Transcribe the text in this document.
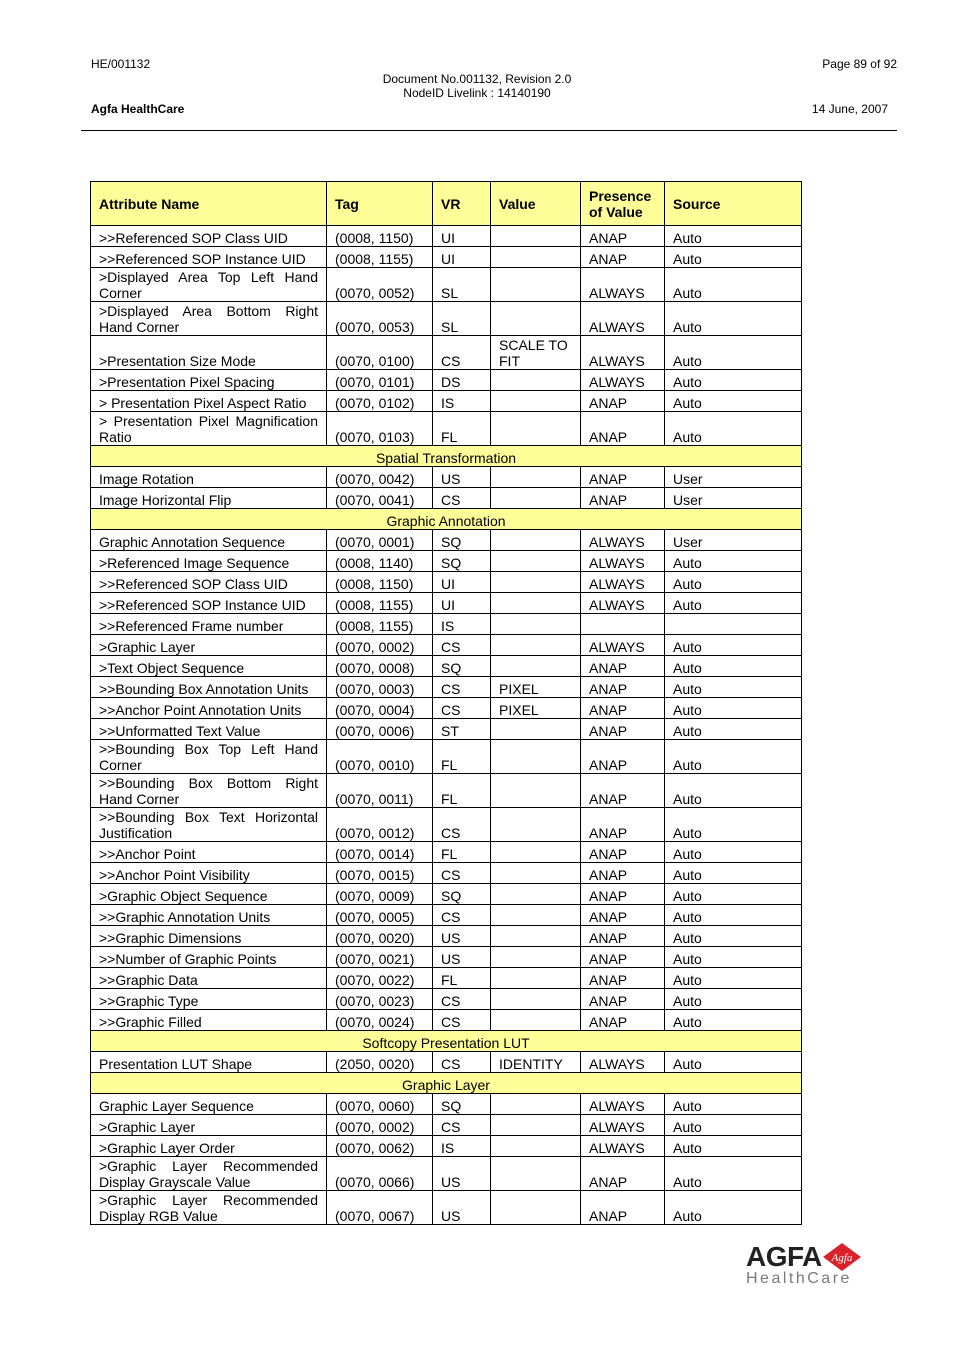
HE/001132	Page 89 of 92
Document No.001132, Revision 2.0
NodeID Livelink : 14140190
Agfa HealthCare	14 June, 2007
Attribute Name	Tag	VR	Value	Presence of Value	Source
>>Referenced SOP Class UID	(0008, 1150)	UI		ANAP	Auto
>>Referenced SOP Instance UID	(0008, 1155)	UI		ANAP	Auto
>Displayed Area Top Left Hand Corner	(0070, 0052)	SL		ALWAYS	Auto
>Displayed Area Bottom Right Hand Corner	(0070, 0053)	SL		ALWAYS	Auto
>Presentation Size Mode	(0070, 0100)	CS	SCALE TO FIT	ALWAYS	Auto
>Presentation Pixel Spacing	(0070, 0101)	DS		ALWAYS	Auto
> Presentation Pixel Aspect Ratio	(0070, 0102)	IS		ANAP	Auto
> Presentation Pixel Magnification Ratio	(0070, 0103)	FL		ANAP	Auto
Spatial Transformation					
Image Rotation	(0070, 0042)	US		ANAP	User
Image Horizontal Flip	(0070, 0041)	CS		ANAP	User
Graphic Annotation					
Graphic Annotation Sequence	(0070, 0001)	SQ		ALWAYS	User
>Referenced Image Sequence	(0008, 1140)	SQ		ALWAYS	Auto
>>Referenced SOP Class UID	(0008, 1150)	UI		ALWAYS	Auto
>>Referenced SOP Instance UID	(0008, 1155)	UI		ALWAYS	Auto
>>Referenced Frame number	(0008, 1155)	IS			
>Graphic Layer	(0070, 0002)	CS		ALWAYS	Auto
>Text Object Sequence	(0070, 0008)	SQ		ANAP	Auto
>>Bounding Box Annotation Units	(0070, 0003)	CS	PIXEL	ANAP	Auto
>>Anchor Point Annotation Units	(0070, 0004)	CS	PIXEL	ANAP	Auto
>>Unformatted Text Value	(0070, 0006)	ST		ANAP	Auto
>>Bounding Box Top Left Hand Corner	(0070, 0010)	FL		ANAP	Auto
>>Bounding Box Bottom Right Hand Corner	(0070, 0011)	FL		ANAP	Auto
>>Bounding Box Text Horizontal Justification	(0070, 0012)	CS		ANAP	Auto
>>Anchor Point	(0070, 0014)	FL		ANAP	Auto
>>Anchor Point Visibility	(0070, 0015)	CS		ANAP	Auto
>Graphic Object Sequence	(0070, 0009)	SQ		ANAP	Auto
>>Graphic Annotation Units	(0070, 0005)	CS		ANAP	Auto
>>Graphic Dimensions	(0070, 0020)	US		ANAP	Auto
>>Number of Graphic Points	(0070, 0021)	US		ANAP	Auto
>>Graphic Data	(0070, 0022)	FL		ANAP	Auto
>>Graphic Type	(0070, 0023)	CS		ANAP	Auto
>>Graphic Filled	(0070, 0024)	CS		ANAP	Auto
Softcopy Presentation LUT					
Presentation LUT Shape	(2050, 0020)	CS	IDENTITY	ALWAYS	Auto
Graphic Layer					
Graphic Layer Sequence	(0070, 0060)	SQ		ALWAYS	Auto
>Graphic Layer	(0070, 0002)	CS		ALWAYS	Auto
>Graphic Layer Order	(0070, 0062)	IS		ALWAYS	Auto
>Graphic Layer Recommended Display Grayscale Value	(0070, 0066)	US		ANAP	Auto
>Graphic Layer Recommended Display RGB Value	(0070, 0067)	US		ANAP	Auto
AGFA Agfa
HealthCare
